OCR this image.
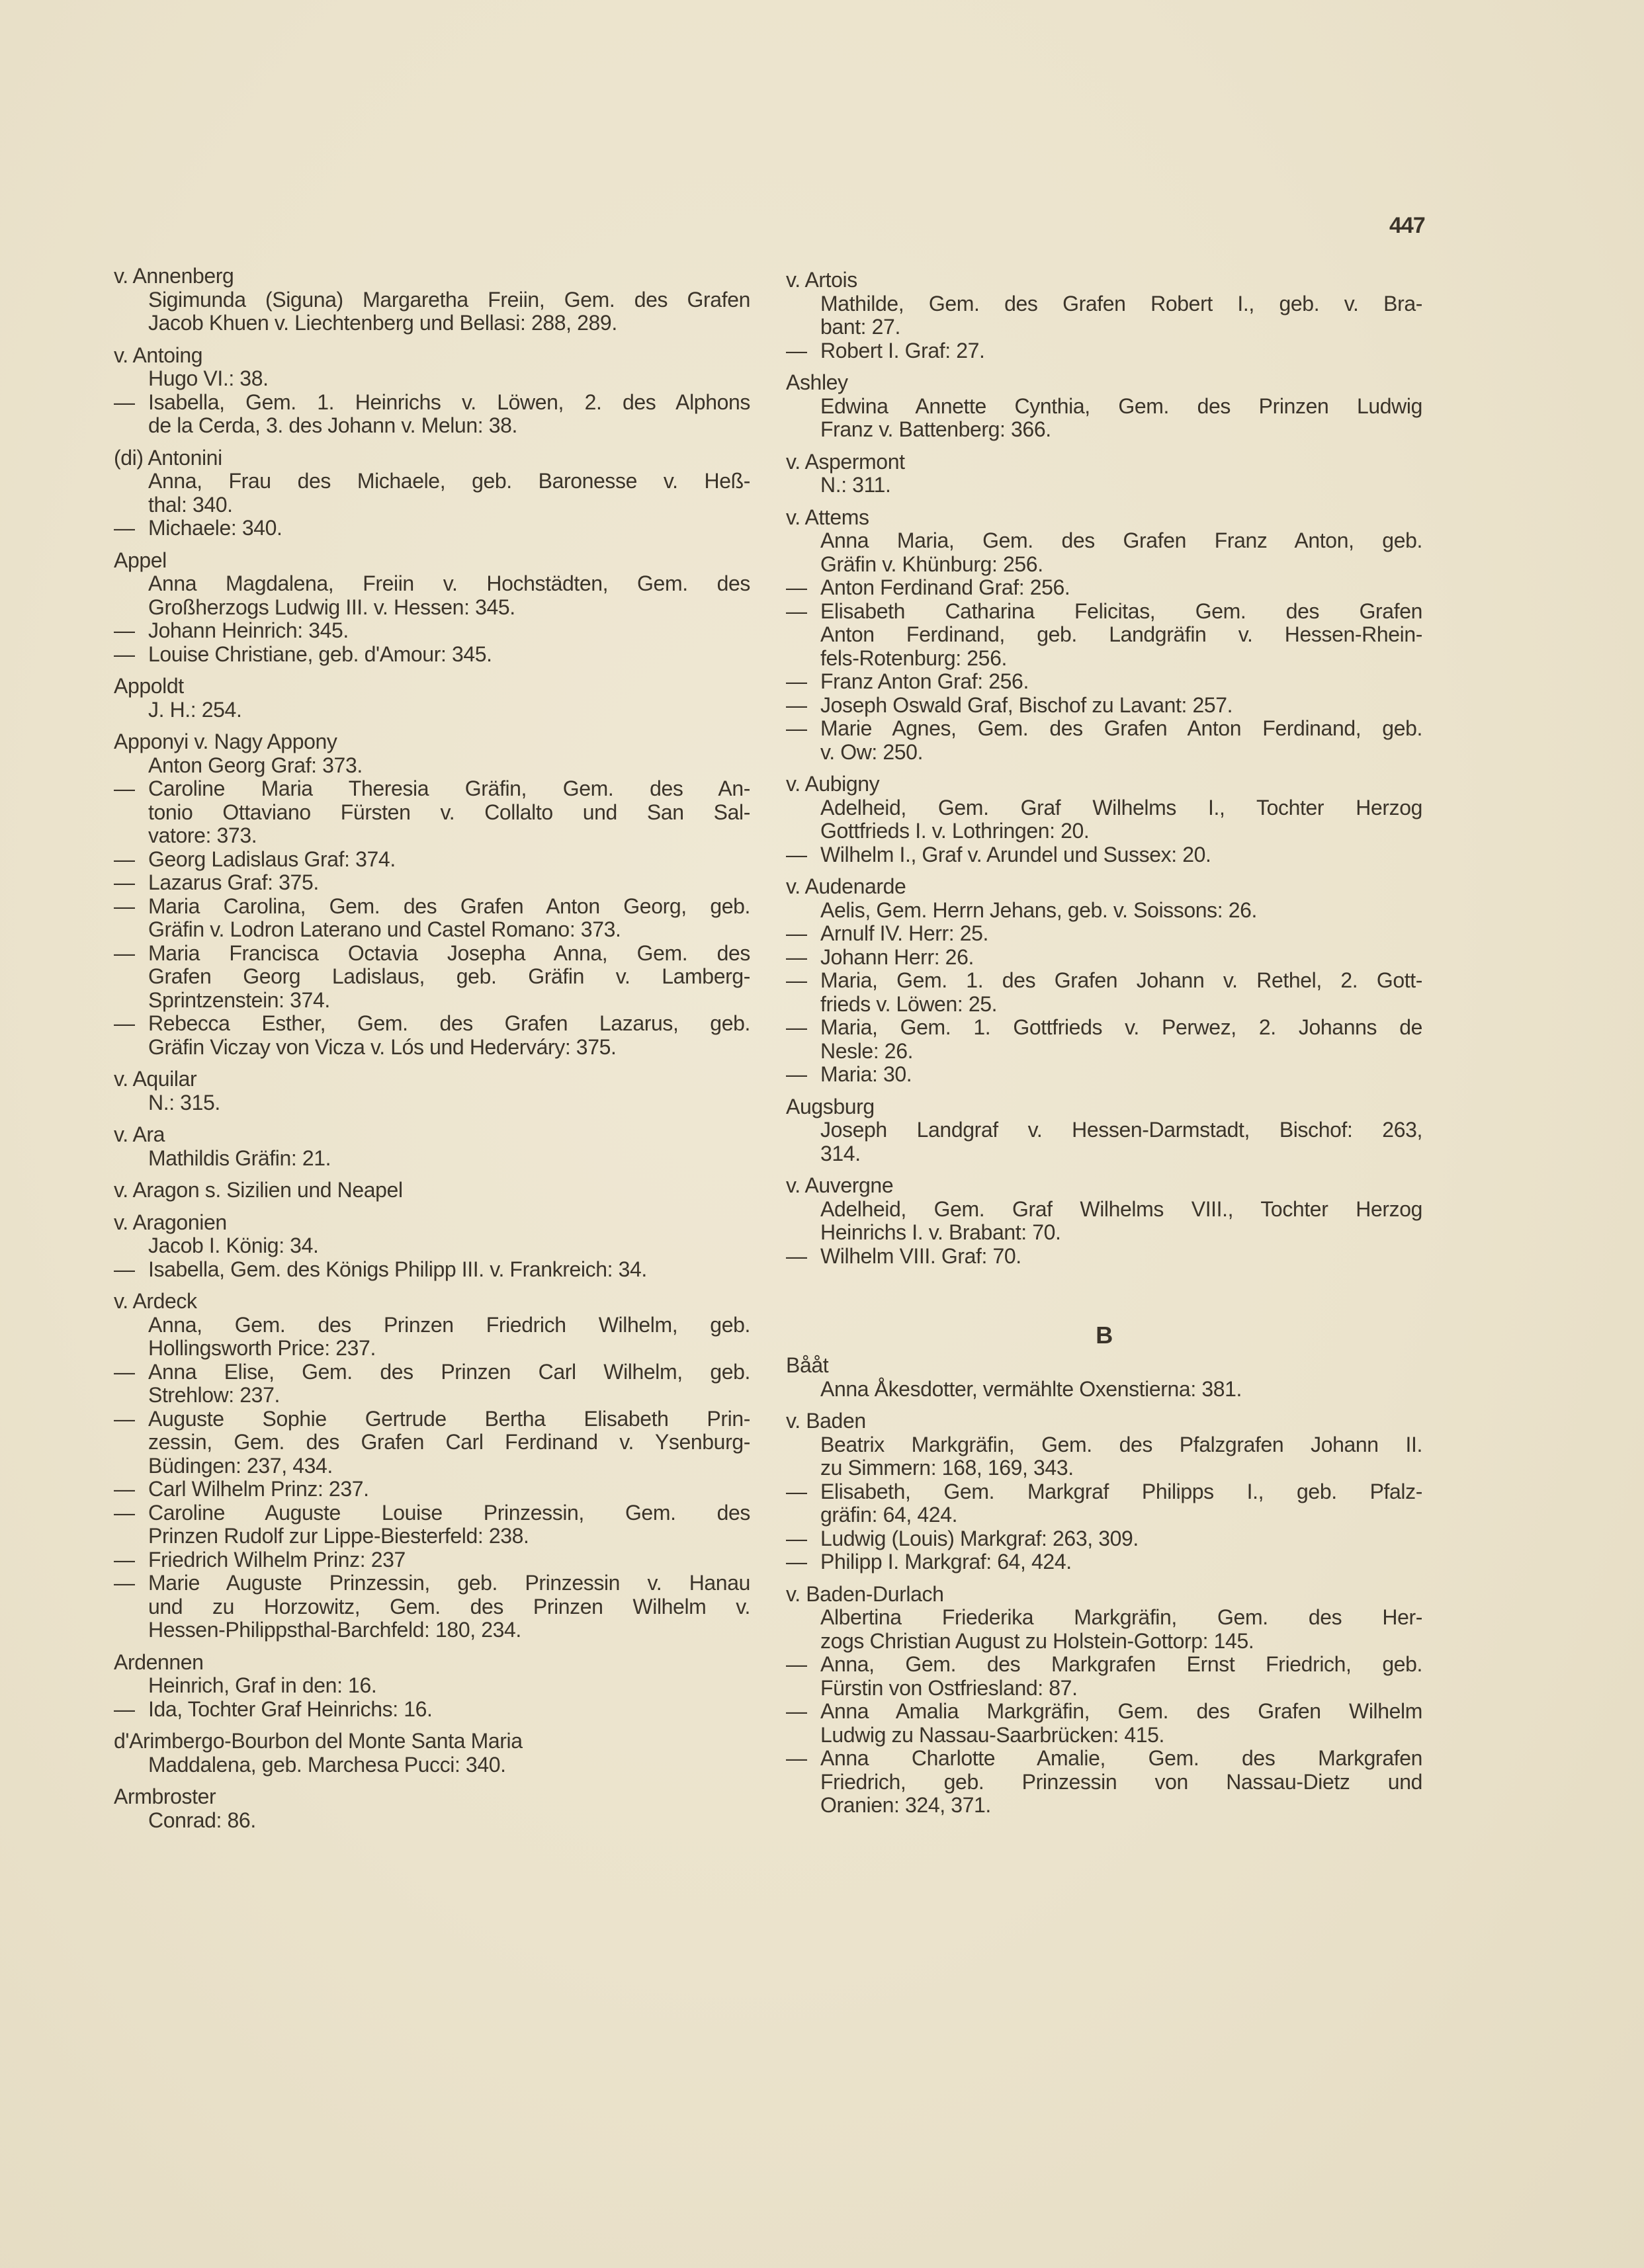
447
v. Annenberg
Sigimunda (Siguna) Margaretha Freiin, Gem. des Grafen
Jacob Khuen v. Liechtenberg und Bellasi: 288, 289.
v. Antoing
Hugo VI.: 38.
— Isabella, Gem. 1. Heinrichs v. Löwen, 2. des Alphons
de la Cerda, 3. des Johann v. Melun: 38.
(di) Antonini
Anna, Frau des Michaele, geb. Baronesse v. Heß-
thal: 340.
— Michaele: 340.
Appel
Anna Magdalena, Freiin v. Hochstädten, Gem. des
Großherzogs Ludwig III. v. Hessen: 345.
— Johann Heinrich: 345.
— Louise Christiane, geb. d'Amour: 345.
Appoldt
J. H.: 254.
Apponyi v. Nagy Appony
Anton Georg Graf: 373.
— Caroline Maria Theresia Gräfin, Gem. des An-
tonio Ottaviano Fürsten v. Collalto und San Sal-
vatore: 373.
— Georg Ladislaus Graf: 374.
— Lazarus Graf: 375.
— Maria Carolina, Gem. des Grafen Anton Georg, geb.
Gräfin v. Lodron Laterano und Castel Romano: 373.
— Maria Francisca Octavia Josepha Anna, Gem. des
Grafen Georg Ladislaus, geb. Gräfin v. Lamberg-
Sprintzenstein: 374.
— Rebecca Esther, Gem. des Grafen Lazarus, geb.
Gräfin Viczay von Vicza v. Lós und Hederváry: 375.
v. Aquilar
N.: 315.
v. Ara
Mathildis Gräfin: 21.
v. Aragon s. Sizilien und Neapel
v. Aragonien
Jacob I. König: 34.
— Isabella, Gem. des Königs Philipp III. v. Frankreich: 34.
v. Ardeck
Anna, Gem. des Prinzen Friedrich Wilhelm, geb.
Hollingsworth Price: 237.
— Anna Elise, Gem. des Prinzen Carl Wilhelm, geb.
Strehlow: 237.
— Auguste Sophie Gertrude Bertha Elisabeth Prin-
zessin, Gem. des Grafen Carl Ferdinand v. Ysenburg-
Büdingen: 237, 434.
— Carl Wilhelm Prinz: 237.
— Caroline Auguste Louise Prinzessin, Gem. des
Prinzen Rudolf zur Lippe-Biesterfeld: 238.
— Friedrich Wilhelm Prinz: 237
— Marie Auguste Prinzessin, geb. Prinzessin v. Hanau
und zu Horzowitz, Gem. des Prinzen Wilhelm v.
Hessen-Philippsthal-Barchfeld: 180, 234.
Ardennen
Heinrich, Graf in den: 16.
— Ida, Tochter Graf Heinrichs: 16.
d'Arimbergo-Bourbon del Monte Santa Maria
Maddalena, geb. Marchesa Pucci: 340.
Armbroster
Conrad: 86.
v. Artois
Mathilde, Gem. des Grafen Robert I., geb. v. Bra-
bant: 27.
— Robert I. Graf: 27.
Ashley
Edwina Annette Cynthia, Gem. des Prinzen Ludwig
Franz v. Battenberg: 366.
v. Aspermont
N.: 311.
v. Attems
Anna Maria, Gem. des Grafen Franz Anton, geb.
Gräfin v. Khünburg: 256.
— Anton Ferdinand Graf: 256.
— Elisabeth Catharina Felicitas, Gem. des Grafen
Anton Ferdinand, geb. Landgräfin v. Hessen-Rhein-
fels-Rotenburg: 256.
— Franz Anton Graf: 256.
— Joseph Oswald Graf, Bischof zu Lavant: 257.
— Marie Agnes, Gem. des Grafen Anton Ferdinand, geb.
v. Ow: 250.
v. Aubigny
Adelheid, Gem. Graf Wilhelms I., Tochter Herzog
Gottfrieds I. v. Lothringen: 20.
— Wilhelm I., Graf v. Arundel und Sussex: 20.
v. Audenarde
Aelis, Gem. Herrn Jehans, geb. v. Soissons: 26.
— Arnulf IV. Herr: 25.
— Johann Herr: 26.
— Maria, Gem. 1. des Grafen Johann v. Rethel, 2. Gott-
frieds v. Löwen: 25.
— Maria, Gem. 1. Gottfrieds v. Perwez, 2. Johanns de
Nesle: 26.
— Maria: 30.
Augsburg
Joseph Landgraf v. Hessen-Darmstadt, Bischof: 263,
314.
v. Auvergne
Adelheid, Gem. Graf Wilhelms VIII., Tochter Herzog
Heinrichs I. v. Brabant: 70.
— Wilhelm VIII. Graf: 70.
B
Bååt
Anna Åkesdotter, vermählte Oxenstierna: 381.
v. Baden
Beatrix Markgräfin, Gem. des Pfalzgrafen Johann II.
zu Simmern: 168, 169, 343.
— Elisabeth, Gem. Markgraf Philipps I., geb. Pfalz-
gräfin: 64, 424.
— Ludwig (Louis) Markgraf: 263, 309.
— Philipp I. Markgraf: 64, 424.
v. Baden-Durlach
Albertina Friederika Markgräfin, Gem. des Her-
zogs Christian August zu Holstein-Gottorp: 145.
— Anna, Gem. des Markgrafen Ernst Friedrich, geb.
Fürstin von Ostfriesland: 87.
— Anna Amalia Markgräfin, Gem. des Grafen Wilhelm
Ludwig zu Nassau-Saarbrücken: 415.
— Anna Charlotte Amalie, Gem. des Markgrafen
Friedrich, geb. Prinzessin von Nassau-Dietz und
Oranien: 324, 371.
